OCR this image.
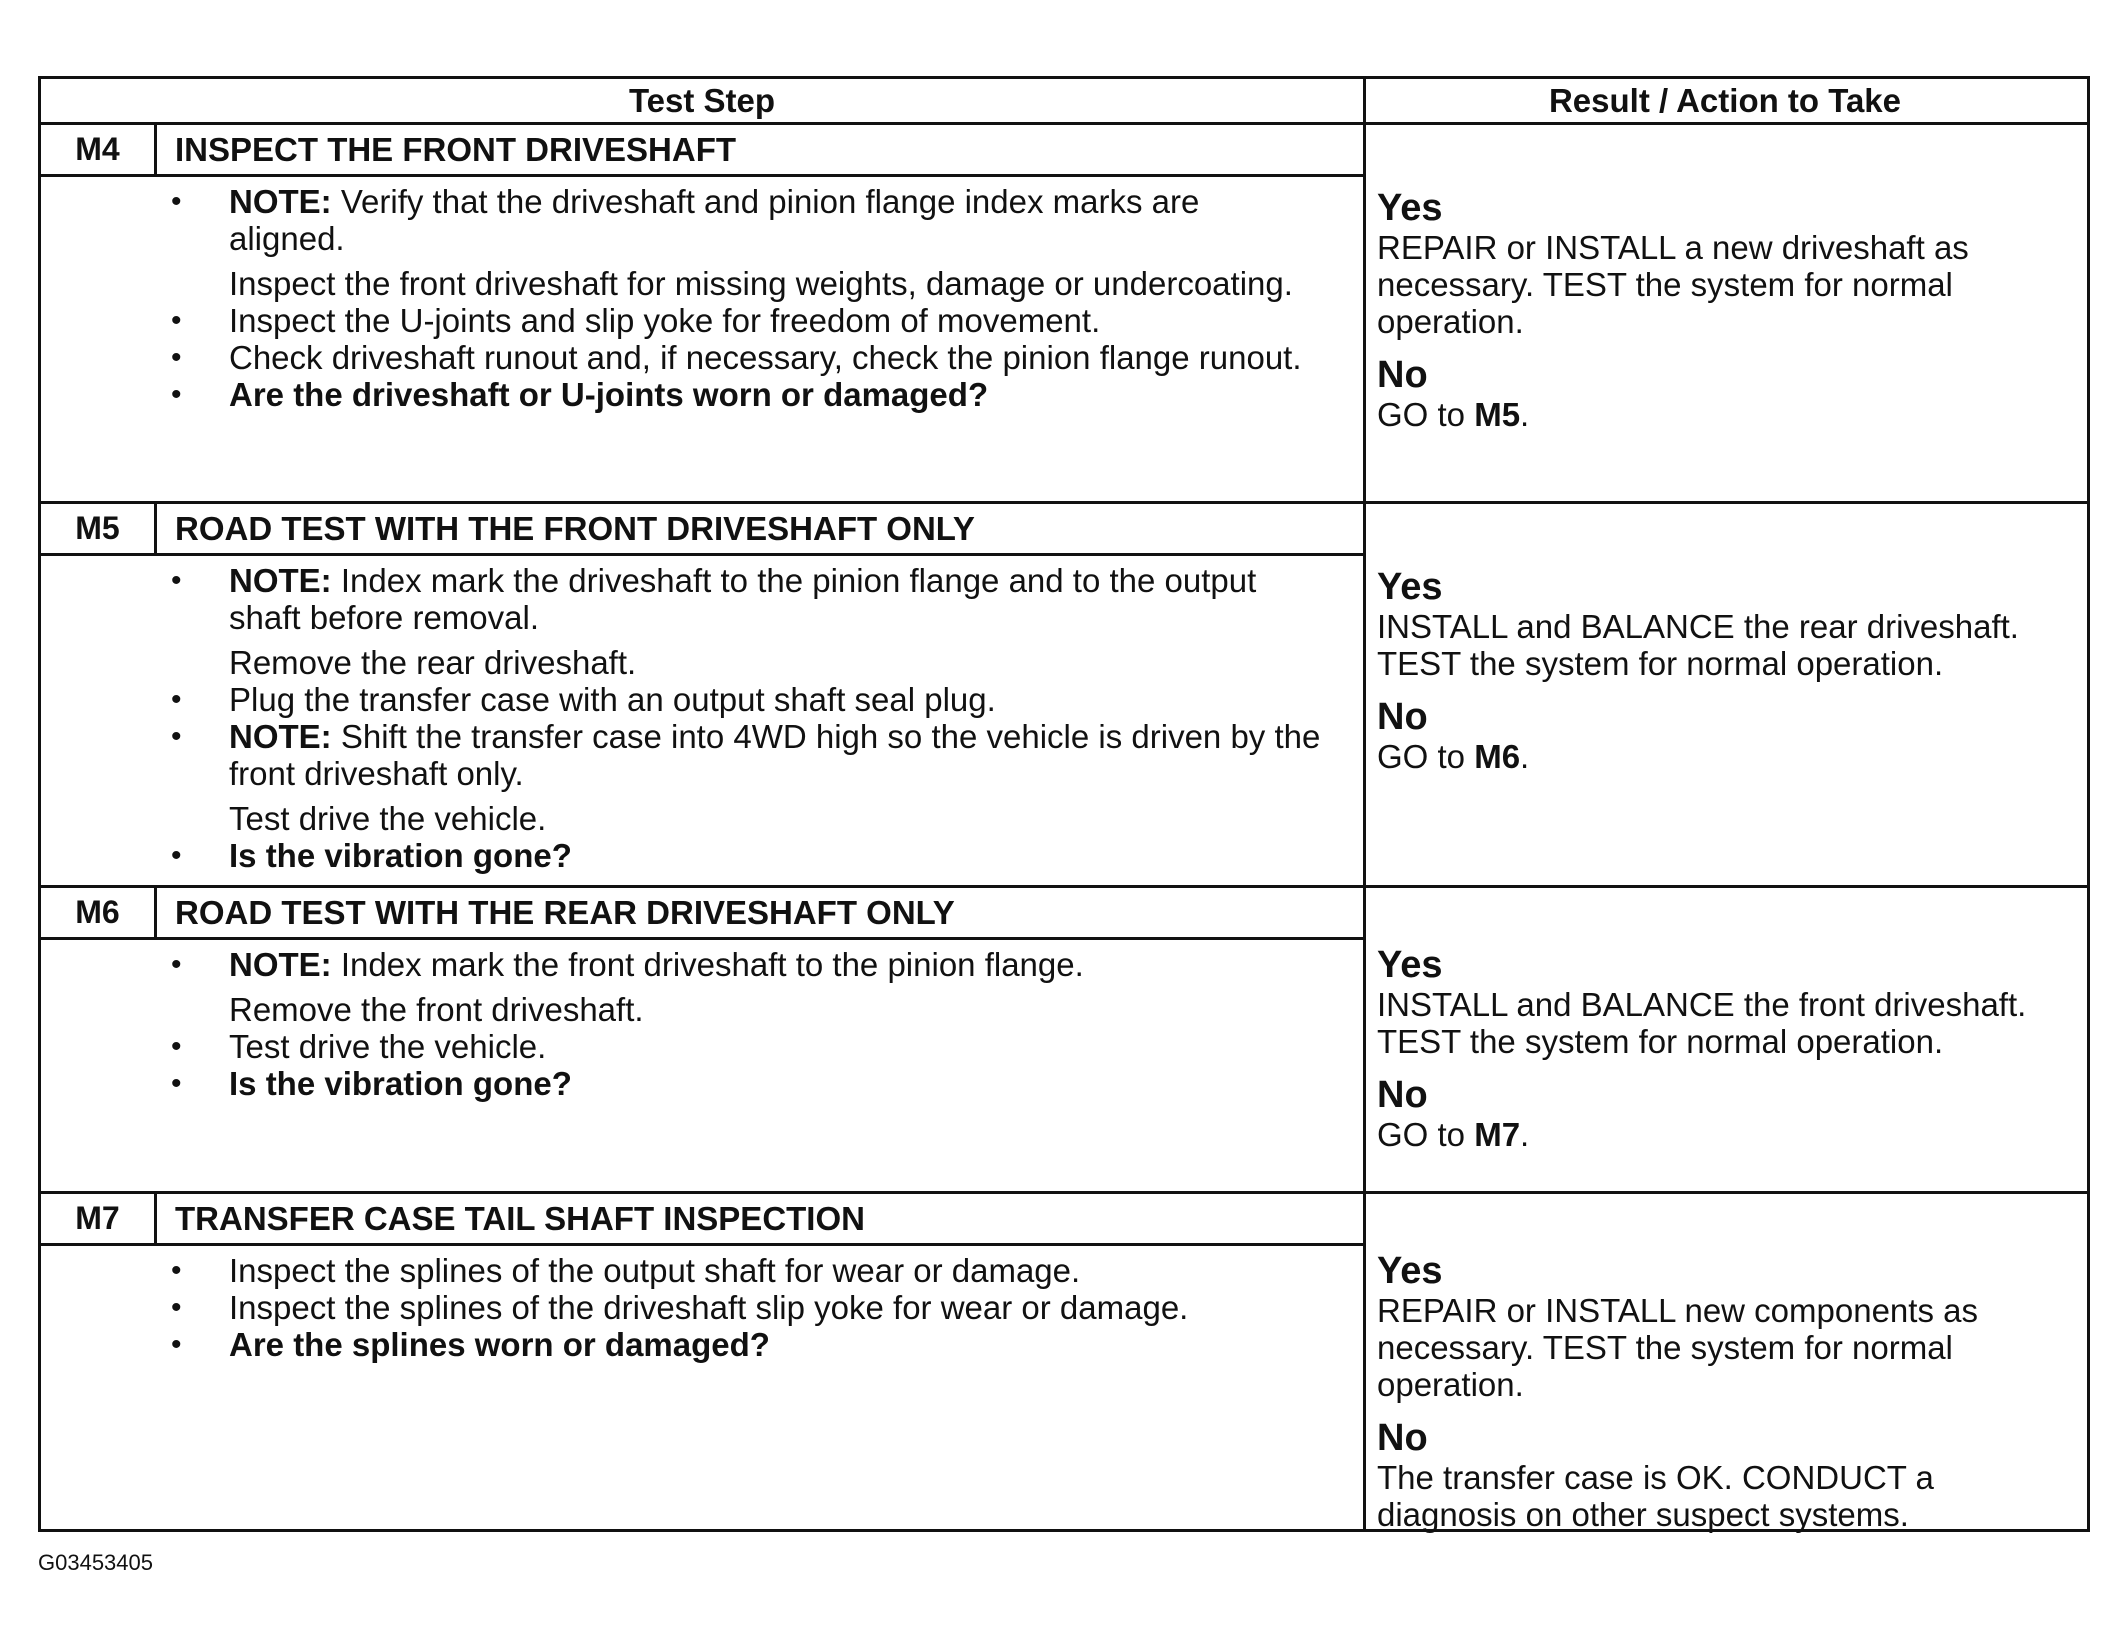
Test Step	Result / Action to Take
M4	INSPECT THE FRONT DRIVESHAFT
•	NOTE: Verify that the driveshaft and pinion flange index marks are aligned.
Inspect the front driveshaft for missing weights, damage or undercoating.
•	Inspect the U-joints and slip yoke for freedom of movement.
•	Check driveshaft runout and, if necessary, check the pinion flange runout.
•	Are the driveshaft or U-joints worn or damaged?
Yes
REPAIR or INSTALL a new driveshaft as necessary. TEST the system for normal operation.
No
GO to M5.
M5	ROAD TEST WITH THE FRONT DRIVESHAFT ONLY
•	NOTE: Index mark the driveshaft to the pinion flange and to the output shaft before removal.
Remove the rear driveshaft.
•	Plug the transfer case with an output shaft seal plug.
•	NOTE: Shift the transfer case into 4WD high so the vehicle is driven by the front driveshaft only.
Test drive the vehicle.
•	Is the vibration gone?
Yes
INSTALL and BALANCE the rear driveshaft. TEST the system for normal operation.
No
GO to M6.
M6	ROAD TEST WITH THE REAR DRIVESHAFT ONLY
•	NOTE: Index mark the front driveshaft to the pinion flange.
Remove the front driveshaft.
•	Test drive the vehicle.
•	Is the vibration gone?
Yes
INSTALL and BALANCE the front driveshaft. TEST the system for normal operation.
No
GO to M7.
M7	TRANSFER CASE TAIL SHAFT INSPECTION
•	Inspect the splines of the output shaft for wear or damage.
•	Inspect the splines of the driveshaft slip yoke for wear or damage.
•	Are the splines worn or damaged?
Yes
REPAIR or INSTALL new components as necessary. TEST the system for normal operation.
No
The transfer case is OK. CONDUCT a diagnosis on other suspect systems.
G03453405
